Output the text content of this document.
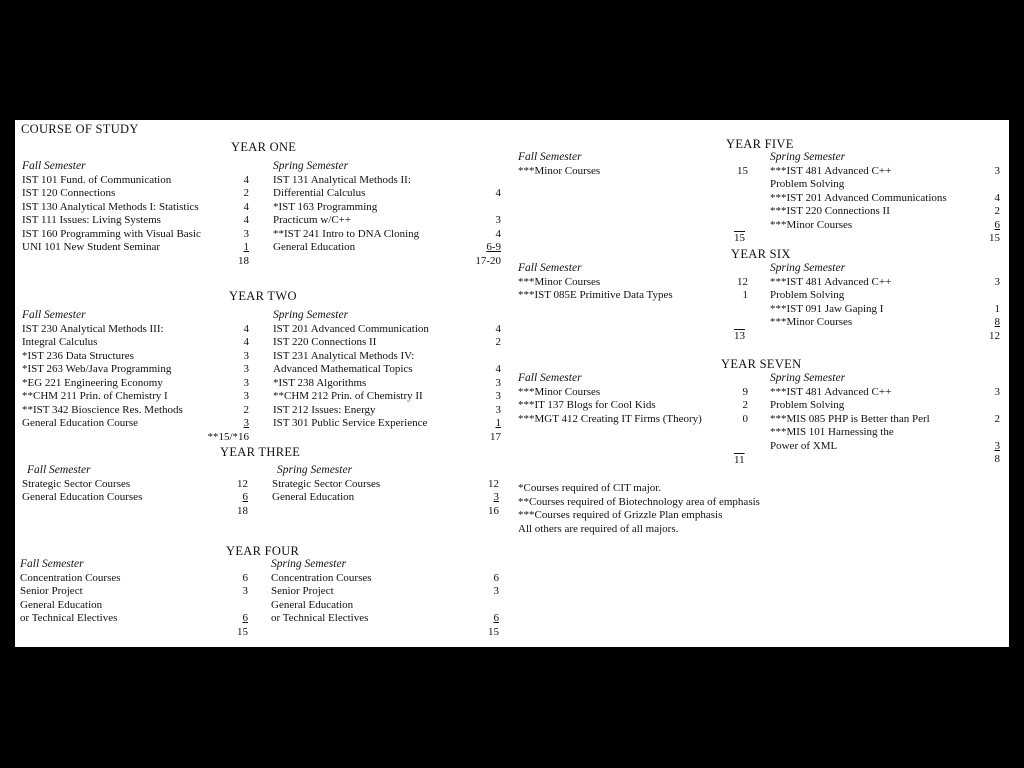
COURSE OF STUDY
YEAR ONE
Fall Semester
IST 101 Fund. of Communication .....	4
IST 120 Connections .....	2
IST 130 Analytical Methods I: Statistics .....	4
IST 111 Issues: Living Systems .....	4
IST 160 Programming with Visual Basic .....	3
UNI 101 New Student Seminar .....	1
18
Spring Semester
IST 131 Analytical Methods II:
Differential Calculus .....	4
*IST 163 Programming
Practicum w/C++ .....	3
**IST 241 Intro to DNA Cloning .....	4
General Education .....	6-9
17-20
YEAR TWO
Fall Semester
IST 230 Analytical Methods III: .....	4
Integral Calculus .....	4
*IST 236 Data Structures .....	3
*IST 263 Web/Java Programming .....	3
*EG 221 Engineering Economy .....	3
**CHM 211 Prin. of Chemistry I .....	3
**IST 342 Bioscience Res. Methods .....	2
General Education Course .....	3
**15/*16
Spring Semester
IST 201 Advanced Communication .....	4
IST 220 Connections II .....	2
IST 231 Analytical Methods IV:
Advanced Mathematical Topics .....	4
*IST 238 Algorithms .....	3
**CHM 212 Prin. of Chemistry II .....	3
IST 212 Issues: Energy .....	3
IST 301 Public Service Experience .....	1
17
YEAR THREE
Fall Semester
Strategic Sector Courses .....	12
General Education Courses .....	6
18
Spring Semester
Strategic Sector Courses .....	12
General Education .....	3
16
YEAR FOUR
Fall Semester
Concentration Courses .....	6
Senior Project .....	3
General Education
.....
or Technical Electives .....	6
15
Spring Semester
Concentration Courses .....	6
Senior Project .....	3
General Education
.....
or Technical Electives .....	6
15
YEAR FIVE
Fall Semester
***Minor Courses .....	15
15
Spring Semester
***IST 481 Advanced C++ .....	3
Problem Solving
***IST 201 Advanced Communications .....	4
***IST 220 Connections II .....	2
***Minor Courses .....	6
15
YEAR SIX
Fall Semester
***Minor Courses .....	12
***IST 085E Primitive Data Types .....	1
13
Spring Semester
***IST 481 Advanced C++ .....	3
Problem Solving
***IST 091 Jaw Gaping I .....	1
***Minor Courses .....	8
12
YEAR SEVEN
Fall Semester
***Minor Courses .....	9
***IT 137 Blogs for Cool Kids .....	2
***MGT 412 Creating IT Firms (Theory) .....	0
11
Spring Semester
***IST 481 Advanced C++ .....	3
Problem Solving
***MIS 085 PHP is Better than Perl .....	2
***MIS 101 Harnessing the
Power of XML .....	3
8
*Courses required of CIT major.
**Courses required of Biotechnology area of emphasis
***Courses required of Grizzle Plan emphasis
All others are required of all majors.
